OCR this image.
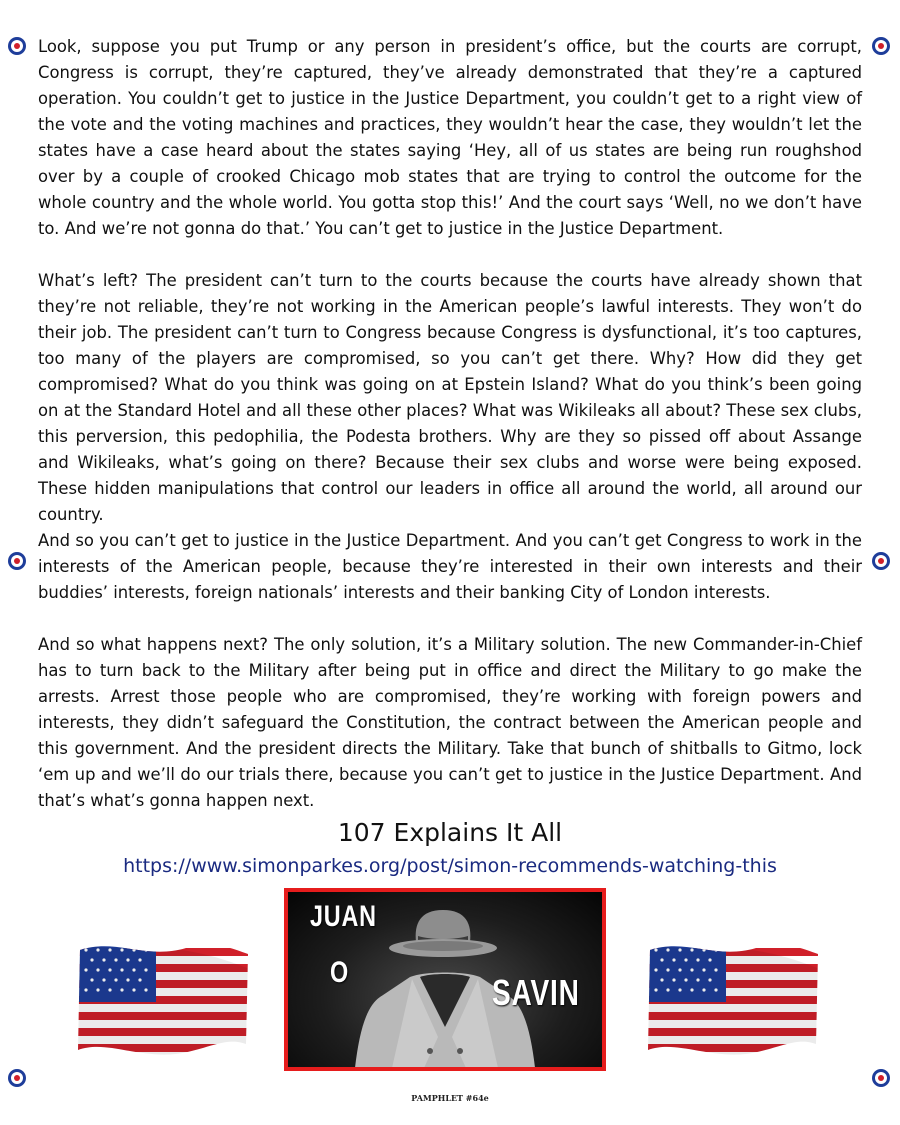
Look, suppose you put Trump or any person in president’s office, but the courts are corrupt, Congress is corrupt, they’re captured, they’ve already demonstrated that they’re a captured operation. You couldn’t get to justice in the Justice Department, you couldn’t get to a right view of the vote and the voting machines and practices, they wouldn’t hear the case, they wouldn’t let the states have a case heard about the states saying ‘Hey, all of us states are being run roughshod over by a couple of crooked Chicago mob states that are trying to control the outcome for the whole country and the whole world. You gotta stop this!’ And the court says ‘Well, no we don’t have to. And we’re not gonna do that.’ You can’t get to justice in the Justice Department.

What’s left? The president can’t turn to the courts because the courts have already shown that they’re not reliable, they’re not working in the American people’s lawful interests. They won’t do their job. The president can’t turn to Congress because Congress is dysfunctional, it’s too captures, too many of the players are compromised, so you can’t get there. Why? How did they get compromised? What do you think was going on at Epstein Island? What do you think’s been going on at the Standard Hotel and all these other places? What was Wikileaks all about? These sex clubs, this perversion, this pedophilia, the Podesta brothers. Why are they so pissed off about Assange and Wikileaks, what’s going on there? Because their sex clubs and worse were being exposed. These hidden manipulations that control our leaders in office all around the world, all around our country.

And so you can’t get to justice in the Justice Department. And you can’t get Congress to work in the interests of the American people, because they’re interested in their own interests and their buddies’ interests, foreign nationals’ interests and their banking City of London interests.

And so what happens next? The only solution, it’s a Military solution. The new Commander-in-Chief has to turn back to the Military after being put in office and direct the Military to go make the arrests. Arrest those people who are compromised, they’re working with foreign powers and interests, they didn’t safeguard the Constitution, the contract between the American people and this government. And the president directs the Military. Take that bunch of shitballs to Gitmo, lock ‘em up and we’ll do our trials there, because you can’t get to justice in the Justice Department. And that’s what’s gonna happen next.

107 Explains It All
https://www.simonparkes.org/post/simon-recommends-watching-this
JUAN
O	SAVIN
PAMPHLET #64e
